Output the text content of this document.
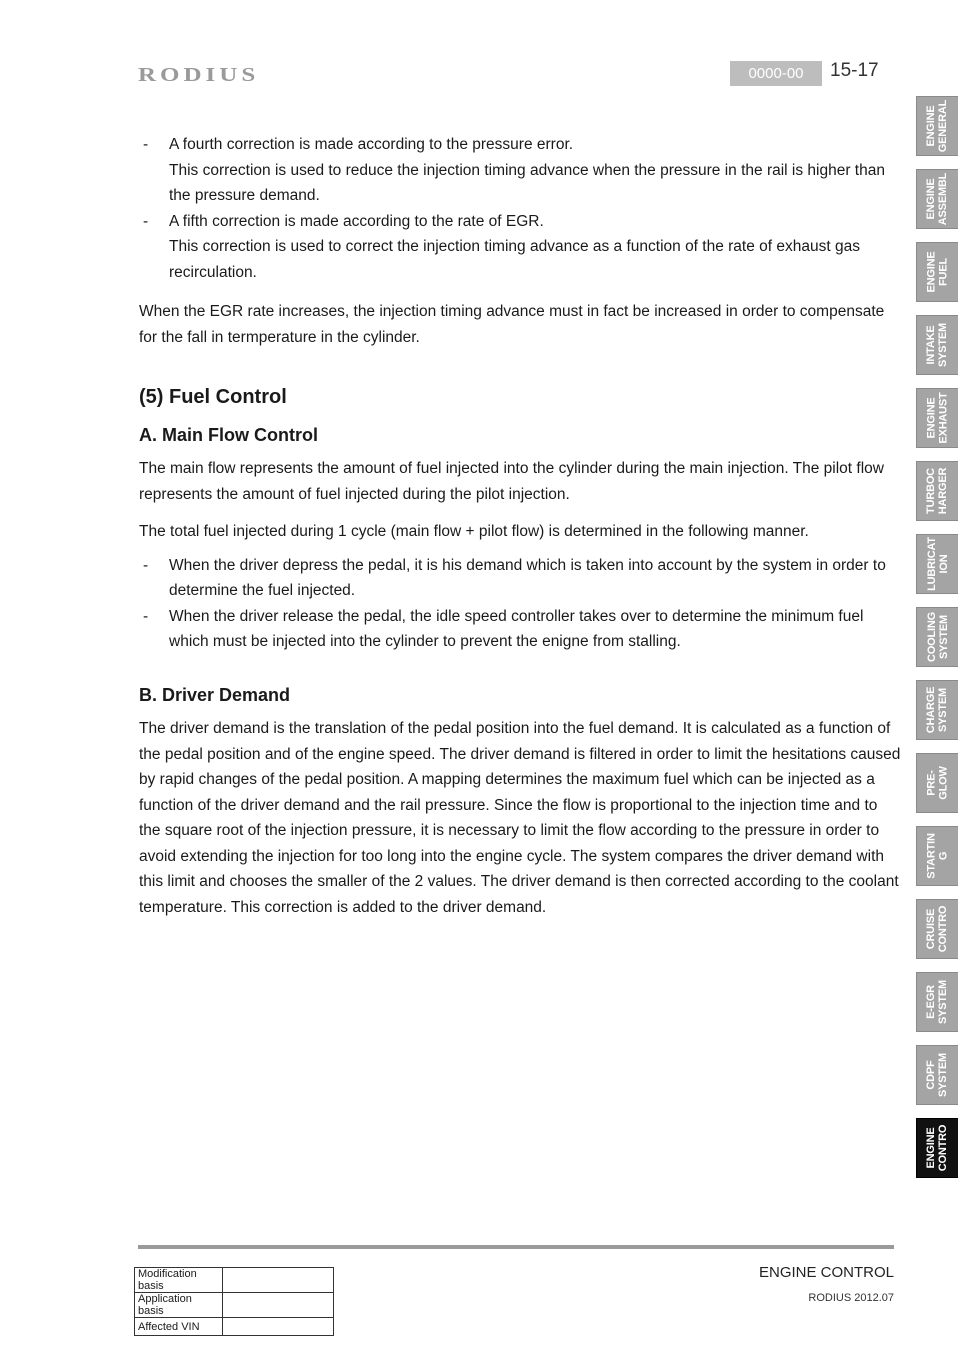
RODIUS	0000-00	15-17
- A fourth correction is made according to the pressure error.

This correction is used to reduce the injection timing advance when the pressure in the rail is higher than the pressure demand.

- A fifth correction is made according to the rate of EGR.

This correction is used to correct the injection timing advance as a function of the rate of exhaust gas recirculation.

When the EGR rate increases, the injection timing advance must in fact be increased in order to compensate for the fall in termperature in the cylinder.

(5) Fuel Control
A. Main Flow Control

The main flow represents the amount of fuel injected into the cylinder during the main injection. The pilot flow represents the amount of fuel injected during the pilot injection.

The total fuel injected during 1 cycle (main flow + pilot flow) is determined in the following manner.

- When the driver depress the pedal, it is his demand which is taken into account by the system in order to determine the fuel injected.

- When the driver release the pedal, the idle speed controller takes over to determine the minimum fuel which must be injected into the cylinder to prevent the enigne from stalling.

B. Driver Demand

The driver demand is the translation of the pedal position into the fuel demand. It is calculated as a function of the pedal position and of the engine speed. The driver demand is filtered in order to limit the hesitations caused by rapid changes of the pedal position. A mapping determines the maximum fuel which can be injected as a function of the driver demand and the rail pressure. Since the flow is proportional to the injection time and to the square root of the injection pressure, it is necessary to limit the flow according to the pressure in order to avoid extending the injection for too long into the engine cycle. The system compares the driver demand with this limit and chooses the smaller of the 2 values. The driver demand is then corrected according to the coolant temperature. This correction is added to the driver demand.

ENGINE
GENERAL
ENGINE
ASSEMBL
ENGINE
FUEL
INTAKE
SYSTEM
ENGINE
EXHAUST
TURBOC
HARGER
LUBRICAT
ION
COOLING
SYSTEM
CHARGE
SYSTEM
PRE-
GLOW
STARTIN
G
CRUISE
CONTRO
E-EGR
SYSTEM
CDPF
SYSTEM
ENGINE
CONTRO
Modification basis	
Application basis	
Affected VIN	
ENGINE CONTROL
RODIUS 2012.07
